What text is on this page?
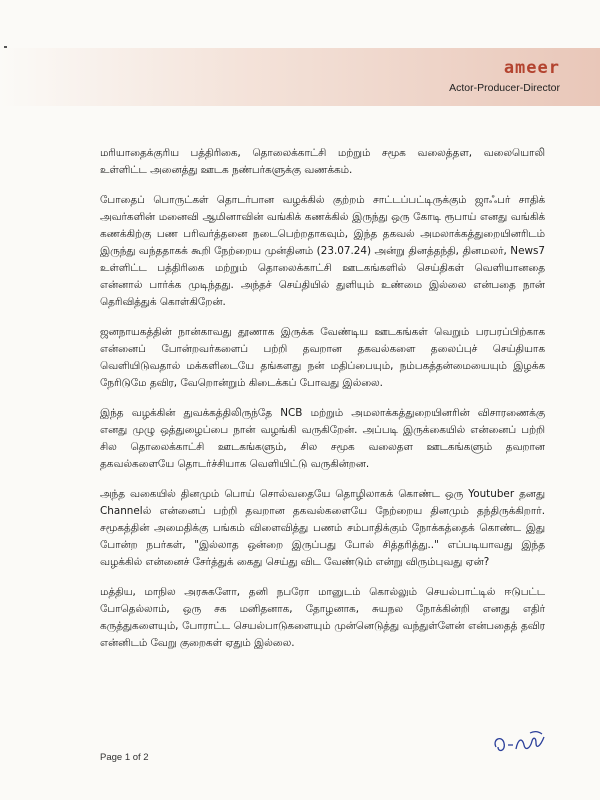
ameer
Actor-Producer-Director

மரியாதைக்குரிய பத்திரிகை, தொலைக்காட்சி மற்றும் சமூக வலைத்தள, வலையொலி உள்ளிட்ட அனைத்து ஊடக நண்பர்களுக்கு வணக்கம்.

போதைப் பொருட்கள் தொடர்பான வழக்கில் குற்றம் சாட்டப்பட்டிருக்கும் ஜாஃபர் சாதிக் அவர்களின் மனைவி ஆமினாவின் வங்கிக் கணக்கில் இருந்து ஒரு கோடி ரூபாய் எனது வங்கிக் கணக்கிற்கு பண பரிவர்த்தனை நடைபெற்றதாகவும், இந்த தகவல் அமலாக்கத்துறையினரிடம் இருந்து வந்ததாகக் கூறி நேற்றைய முன்தினம் (23.07.24) அன்று தினத்தந்தி, தினமலர், News7 உள்ளிட்ட பத்திரிகை மற்றும் தொலைக்காட்சி ஊடகங்களில் செய்திகள் வெளியானதை என்னால் பார்க்க முடிந்தது. அந்தச் செய்தியில் துளியும் உண்மை இல்லை என்பதை நான் தெரிவித்துக் கொள்கிறேன்.

ஜனநாயகத்தின் நான்காவது தூணாக இருக்க வேண்டிய ஊடகங்கள் வெறும் பரபரப்பிற்காக என்னைப் போன்றவர்களைப் பற்றி தவறான தகவல்களை தலைப்புச் செய்தியாக வெளியிடுவதால் மக்களிடையே தங்களது நன் மதிப்பையும், நம்பகத்தன்மையையும் இழக்க நேரிடுமே தவிர, வேறொன்றும் கிடைக்கப் போவது இல்லை.

இந்த வழக்கின் துவக்கத்திலிருந்தே NCB மற்றும் அமலாக்கத்துறையினரின் விசாரணைக்கு எனது முழு ஒத்துழைப்பை நான் வழங்கி வருகிறேன். அப்படி இருக்கையில் என்னைப் பற்றி சில தொலைக்காட்சி ஊடகங்களும், சில சமூக வலைதள ஊடகங்களும் தவறான தகவல்களையே தொடர்ச்சியாக வெளியிட்டு வருகின்றன.

அந்த வகையில் தினமும் பொய் சொல்வதையே தொழிலாகக் கொண்ட ஒரு Youtuber தனது Channelல் என்னைப் பற்றி தவறான தகவல்களையே நேற்றைய தினமும் தந்திருக்கிறார். சமூகத்தின் அமைதிக்கு பங்கம் விளைவித்து பணம் சம்பாதிக்கும் நோக்கத்தைக் கொண்ட இது போன்ற நபர்கள், "இல்லாத ஒன்றை இருப்பது போல் சித்தரித்து.." எப்படியாவது இந்த வழக்கில் என்னைச் சேர்த்துக் கைது செய்து விட வேண்டும் என்று விரும்புவது ஏன்?

மத்திய, மாநில அரசுகளோ, தனி நபரோ மானுடம் கொல்லும் செயல்பாட்டில் ஈடுபட்ட போதெல்லாம், ஒரு சக மனிதனாக, தோழனாக, சுயநல நோக்கின்றி எனது எதிர் கருத்துகளையும், போராட்ட செயல்பாடுகளையும் முன்னெடுத்து வந்துள்ளேன் என்பதைத் தவிர என்னிடம் வேறு குறைகள் ஏதும் இல்லை.

Page 1 of 2
